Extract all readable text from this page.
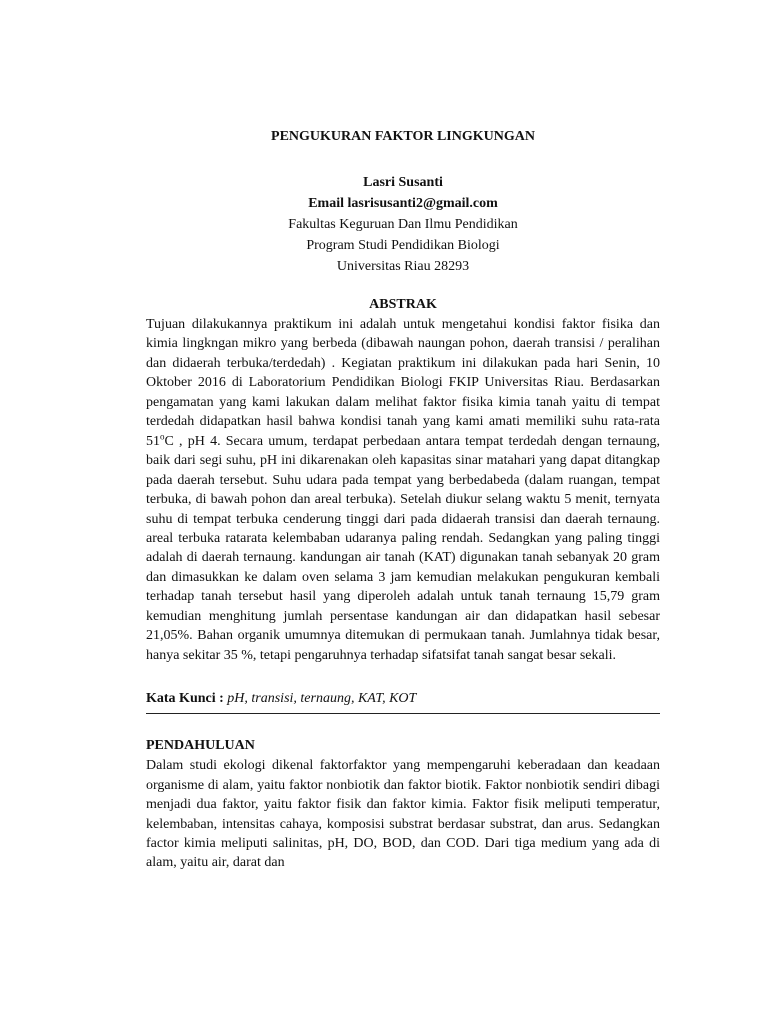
PENGUKURAN FAKTOR LINGKUNGAN
Lasri Susanti
Email lasrisusanti2@gmail.com
Fakultas Keguruan Dan Ilmu Pendidikan
Program Studi Pendidikan Biologi
Universitas Riau 28293
ABSTRAK

Tujuan dilakukannya praktikum ini adalah untuk mengetahui kondisi faktor fisika dan kimia lingkngan mikro yang berbeda (dibawah naungan pohon, daerah transisi / peralihan dan didaerah terbuka/terdedah) . Kegiatan praktikum ini dilakukan pada hari Senin, 10 Oktober 2016 di Laboratorium Pendidikan Biologi FKIP Universitas Riau. Berdasarkan pengamatan yang kami lakukan dalam melihat faktor fisika kimia tanah yaitu di tempat terdedah didapatkan hasil bahwa kondisi tanah yang kami amati memiliki suhu rata-rata 51$^o$C , pH 4. Secara umum, terdapat perbedaan antara tempat terdedah dengan ternaung, baik dari segi suhu, pH ini dikarenakan oleh kapasitas sinar matahari yang dapat ditangkap pada daerah tersebut. Suhu udara pada tempat yang berbedabeda (dalam ruangan, tempat terbuka, di bawah pohon dan areal terbuka). Setelah diukur selang waktu 5 menit, ternyata suhu di tempat terbuka cenderung tinggi dari pada didaerah transisi dan daerah ternaung. areal terbuka ratarata kelembaban udaranya paling rendah. Sedangkan yang paling tinggi adalah di daerah ternaung. kandungan air tanah (KAT) digunakan tanah sebanyak 20 gram dan dimasukkan ke dalam oven selama 3 jam kemudian melakukan pengukuran kembali terhadap tanah tersebut hasil yang diperoleh adalah untuk tanah ternaung 15,79 gram kemudian menghitung jumlah persentase kandungan air dan didapatkan hasil sebesar 21,05%. Bahan organik umumnya ditemukan di permukaan tanah. Jumlahnya tidak besar, hanya sekitar 35 %, tetapi pengaruhnya terhadap sifatsifat tanah sangat besar sekali.

Kata Kunci : pH, transisi, ternaung, KAT, KOT
PENDAHULUAN

Dalam studi ekologi dikenal faktorfaktor yang mempengaruhi keberadaan dan keadaan organisme di alam, yaitu faktor nonbiotik dan faktor biotik. Faktor nonbiotik sendiri dibagi menjadi dua faktor, yaitu faktor fisik dan faktor kimia. Faktor fisik meliputi temperatur, kelembaban, intensitas cahaya, komposisi substrat berdasar substrat, dan arus. Sedangkan factor kimia meliputi salinitas, pH, DO, BOD, dan COD. Dari tiga medium yang ada di alam, yaitu air, darat dan
